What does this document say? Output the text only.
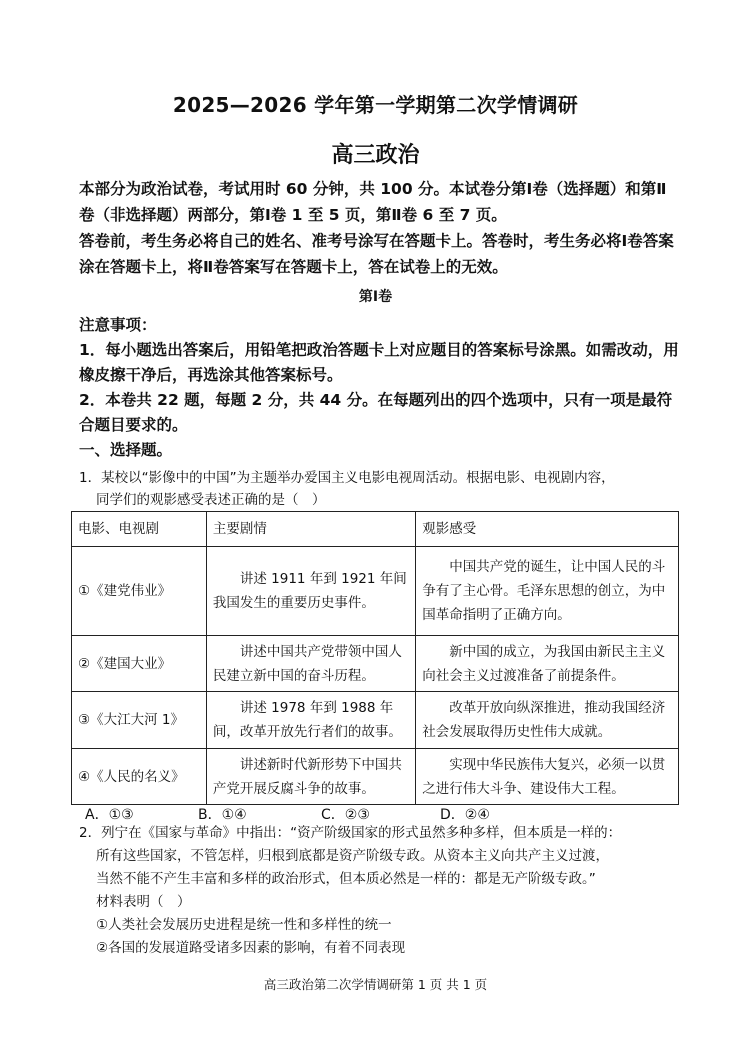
2025—2026 学年第一学期第二次学情调研
高三政治

本部分为政治试卷，考试用时 60 分钟，共 100 分。本试卷分第Ⅰ卷（选择题）和第Ⅱ卷（非选择题）两部分，第Ⅰ卷 1 至 5 页，第Ⅱ卷 6 至 7 页。

答卷前，考生务必将自己的姓名、准考号涂写在答题卡上。答卷时，考生务必将Ⅰ卷答案涂在答题卡上，将Ⅱ卷答案写在答题卡上，答在试卷上的无效。

第Ⅰ卷

注意事项：

1．每小题选出答案后，用铅笔把政治答题卡上对应题目的答案标号涂黑。如需改动，用橡皮擦干净后，再选涂其他答案标号。

2．本卷共 22 题，每题 2 分，共 44 分。在每题列出的四个选项中，只有一项是最符合题目要求的。

一、选择题。

1．某校以“影像中的中国”为主题举办爱国主义电影电视周活动。根据电影、电视剧内容，
同学们的观影感受表述正确的是（　）
电影、电视剧	主要剧情	观影感受
①《建党伟业》	讲述 1911 年到 1921 年间我国发生的重要历史事件。	中国共产党的诞生，让中国人民的斗争有了主心骨。毛泽东思想的创立，为中国革命指明了正确方向。
②《建国大业》	讲述中国共产党带领中国人民建立新中国的奋斗历程。	新中国的成立，为我国由新民主主义向社会主义过渡准备了前提条件。
③《大江大河 1》	讲述 1978 年到 1988 年间，改革开放先行者们的故事。	改革开放向纵深推进，推动我国经济社会发展取得历史性伟大成就。
④《人民的名义》	讲述新时代新形势下中国共产党开展反腐斗争的故事。	实现中华民族伟大复兴，必须一以贯之进行伟大斗争、建设伟大工程。
A．①③	B．①④	C．②③	D．②④

2．列宁在《国家与革命》中指出：“资产阶级国家的形式虽然多种多样，但本质是一样的：

所有这些国家，不管怎样，归根到底都是资产阶级专政。从资本主义向共产主义过渡，

当然不能不产生丰富和多样的政治形式，但本质必然是一样的：都是无产阶级专政。”

材料表明（　）

①人类社会发展历史进程是统一性和多样性的统一

②各国的发展道路受诸多因素的影响，有着不同表现

高三政治第二次学情调研第 1 页 共 1 页
